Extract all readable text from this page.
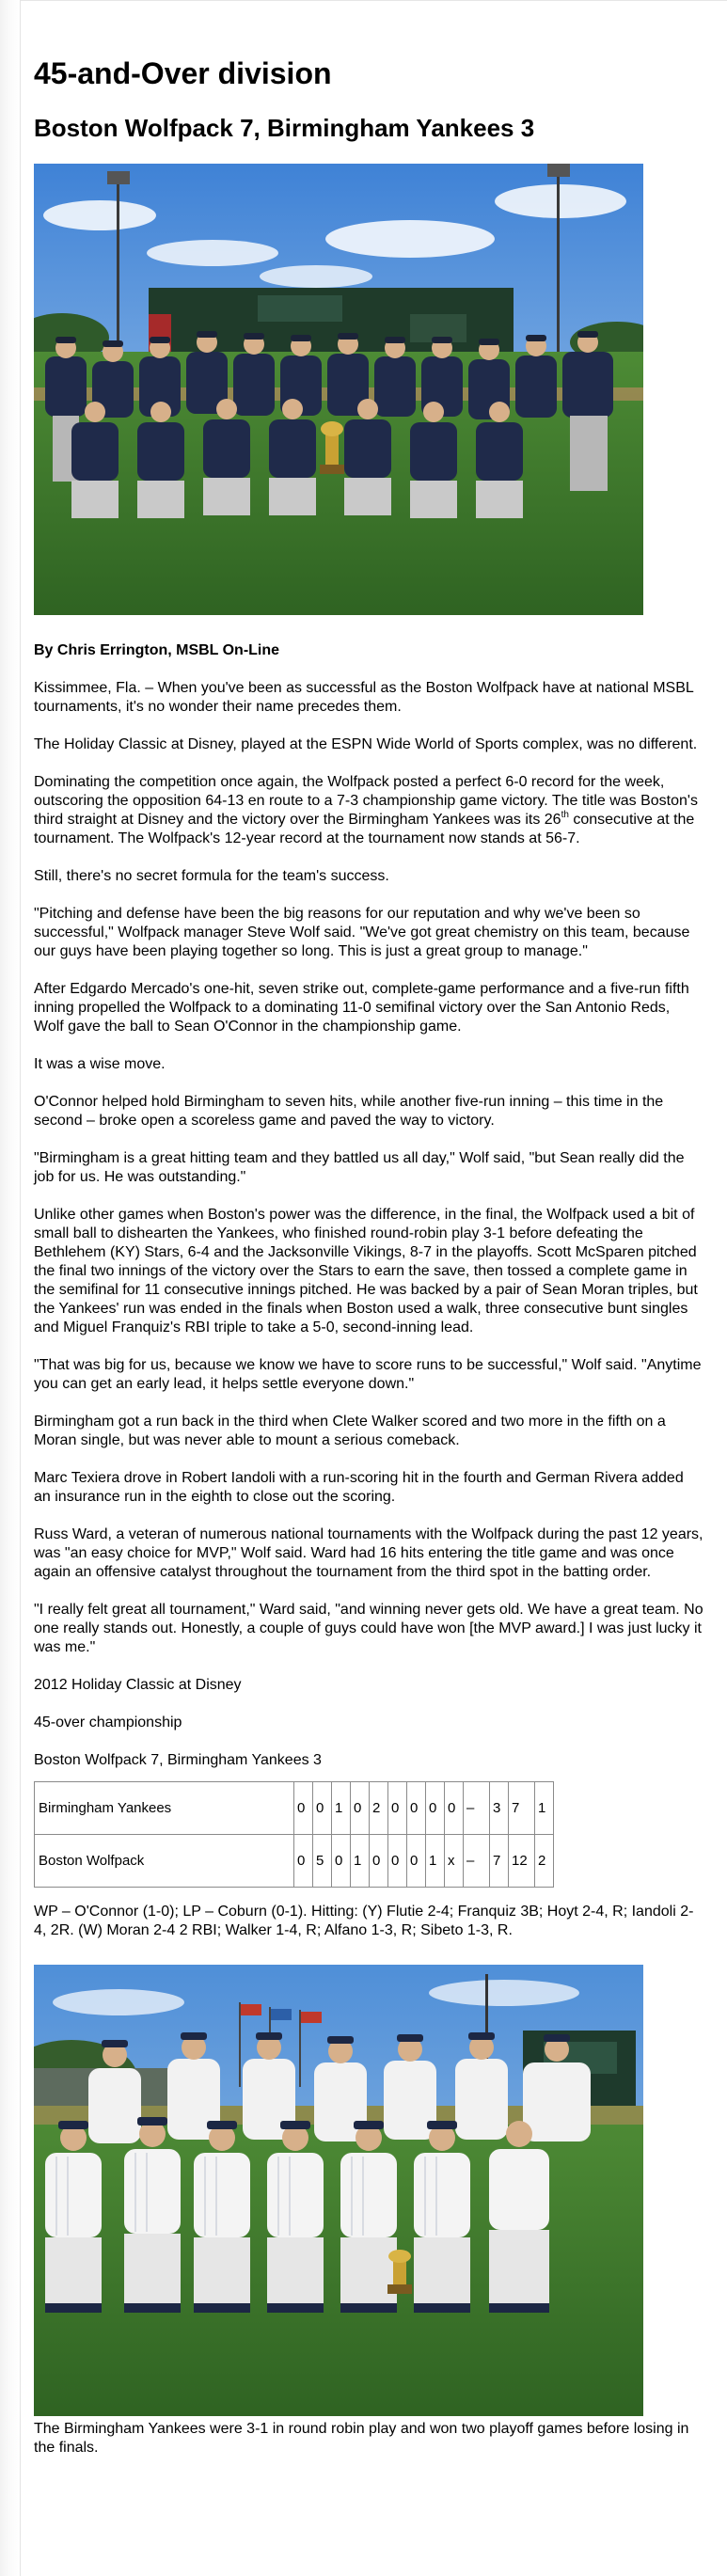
45-and-Over division
Boston Wolfpack 7, Birmingham Yankees 3

By Chris Errington, MSBL On-Line

Kissimmee, Fla. – When you've been as successful as the Boston Wolfpack have at national MSBL tournaments, it's no wonder their name precedes them.

The Holiday Classic at Disney, played at the ESPN Wide World of Sports complex, was no different.

Dominating the competition once again, the Wolfpack posted a perfect 6-0 record for the week, outscoring the opposition 64-13 en route to a 7-3 championship game victory. The title was Boston's third straight at Disney and the victory over the Birmingham Yankees was its 26th consecutive at the tournament. The Wolfpack's 12-year record at the tournament now stands at 56-7.

Still, there's no secret formula for the team's success.

"Pitching and defense have been the big reasons for our reputation and why we've been so successful," Wolfpack manager Steve Wolf said. "We've got great chemistry on this team, because our guys have been playing together so long. This is just a great group to manage."

After Edgardo Mercado's one-hit, seven strike out, complete-game performance and a five-run fifth inning propelled the Wolfpack to a dominating 11-0 semifinal victory over the San Antonio Reds, Wolf gave the ball to Sean O'Connor in the championship game.

It was a wise move.

O'Connor helped hold Birmingham to seven hits, while another five-run inning – this time in the second – broke open a scoreless game and paved the way to victory.

"Birmingham is a great hitting team and they battled us all day," Wolf said, "but Sean really did the job for us. He was outstanding."

Unlike other games when Boston's power was the difference, in the final, the Wolfpack used a bit of small ball to dishearten the Yankees, who finished round-robin play 3-1 before defeating the Bethlehem (KY) Stars, 6-4 and the Jacksonville Vikings, 8-7 in the playoffs. Scott McSparen pitched the final two innings of the victory over the Stars to earn the save, then tossed a complete game in the semifinal for 11 consecutive innings pitched. He was backed by a pair of Sean Moran triples, but the Yankees' run was ended in the finals when Boston used a walk, three consecutive bunt singles and Miguel Franquiz's RBI triple to take a 5-0, second-inning lead.

"That was big for us, because we know we have to score runs to be successful," Wolf said. "Anytime you can get an early lead, it helps settle everyone down."

Birmingham got a run back in the third when Clete Walker scored and two more in the fifth on a Moran single, but was never able to mount a serious comeback.

Marc Texiera drove in Robert Iandoli with a run-scoring hit in the fourth and German Rivera added an insurance run in the eighth to close out the scoring.

Russ Ward, a veteran of numerous national tournaments with the Wolfpack during the past 12 years, was "an easy choice for MVP," Wolf said. Ward had 16 hits entering the title game and was once again an offensive catalyst throughout the tournament from the third spot in the batting order.

"I really felt great all tournament," Ward said, "and winning never gets old. We have a great team. No one really stands out. Honestly, a couple of guys could have won [the MVP award.] I was just lucky it was me."

2012 Holiday Classic at Disney

45-over championship

Boston Wolfpack 7, Birmingham Yankees 3

Birmingham Yankees	0	0	1	0	2	0	0	0	0	–	3	7	1
Boston Wolfpack	0	5	0	1	0	0	0	1	x	–	7	12	2

WP – O'Connor (1-0); LP – Coburn (0-1). Hitting: (Y) Flutie 2-4; Franquiz 3B; Hoyt 2-4, R; Iandoli 2-4, 2R. (W) Moran 2-4 2 RBI; Walker 1-4, R; Alfano 1-3, R; Sibeto 1-3, R.

The Birmingham Yankees were 3-1 in round robin play and won two playoff games before losing in the finals.
